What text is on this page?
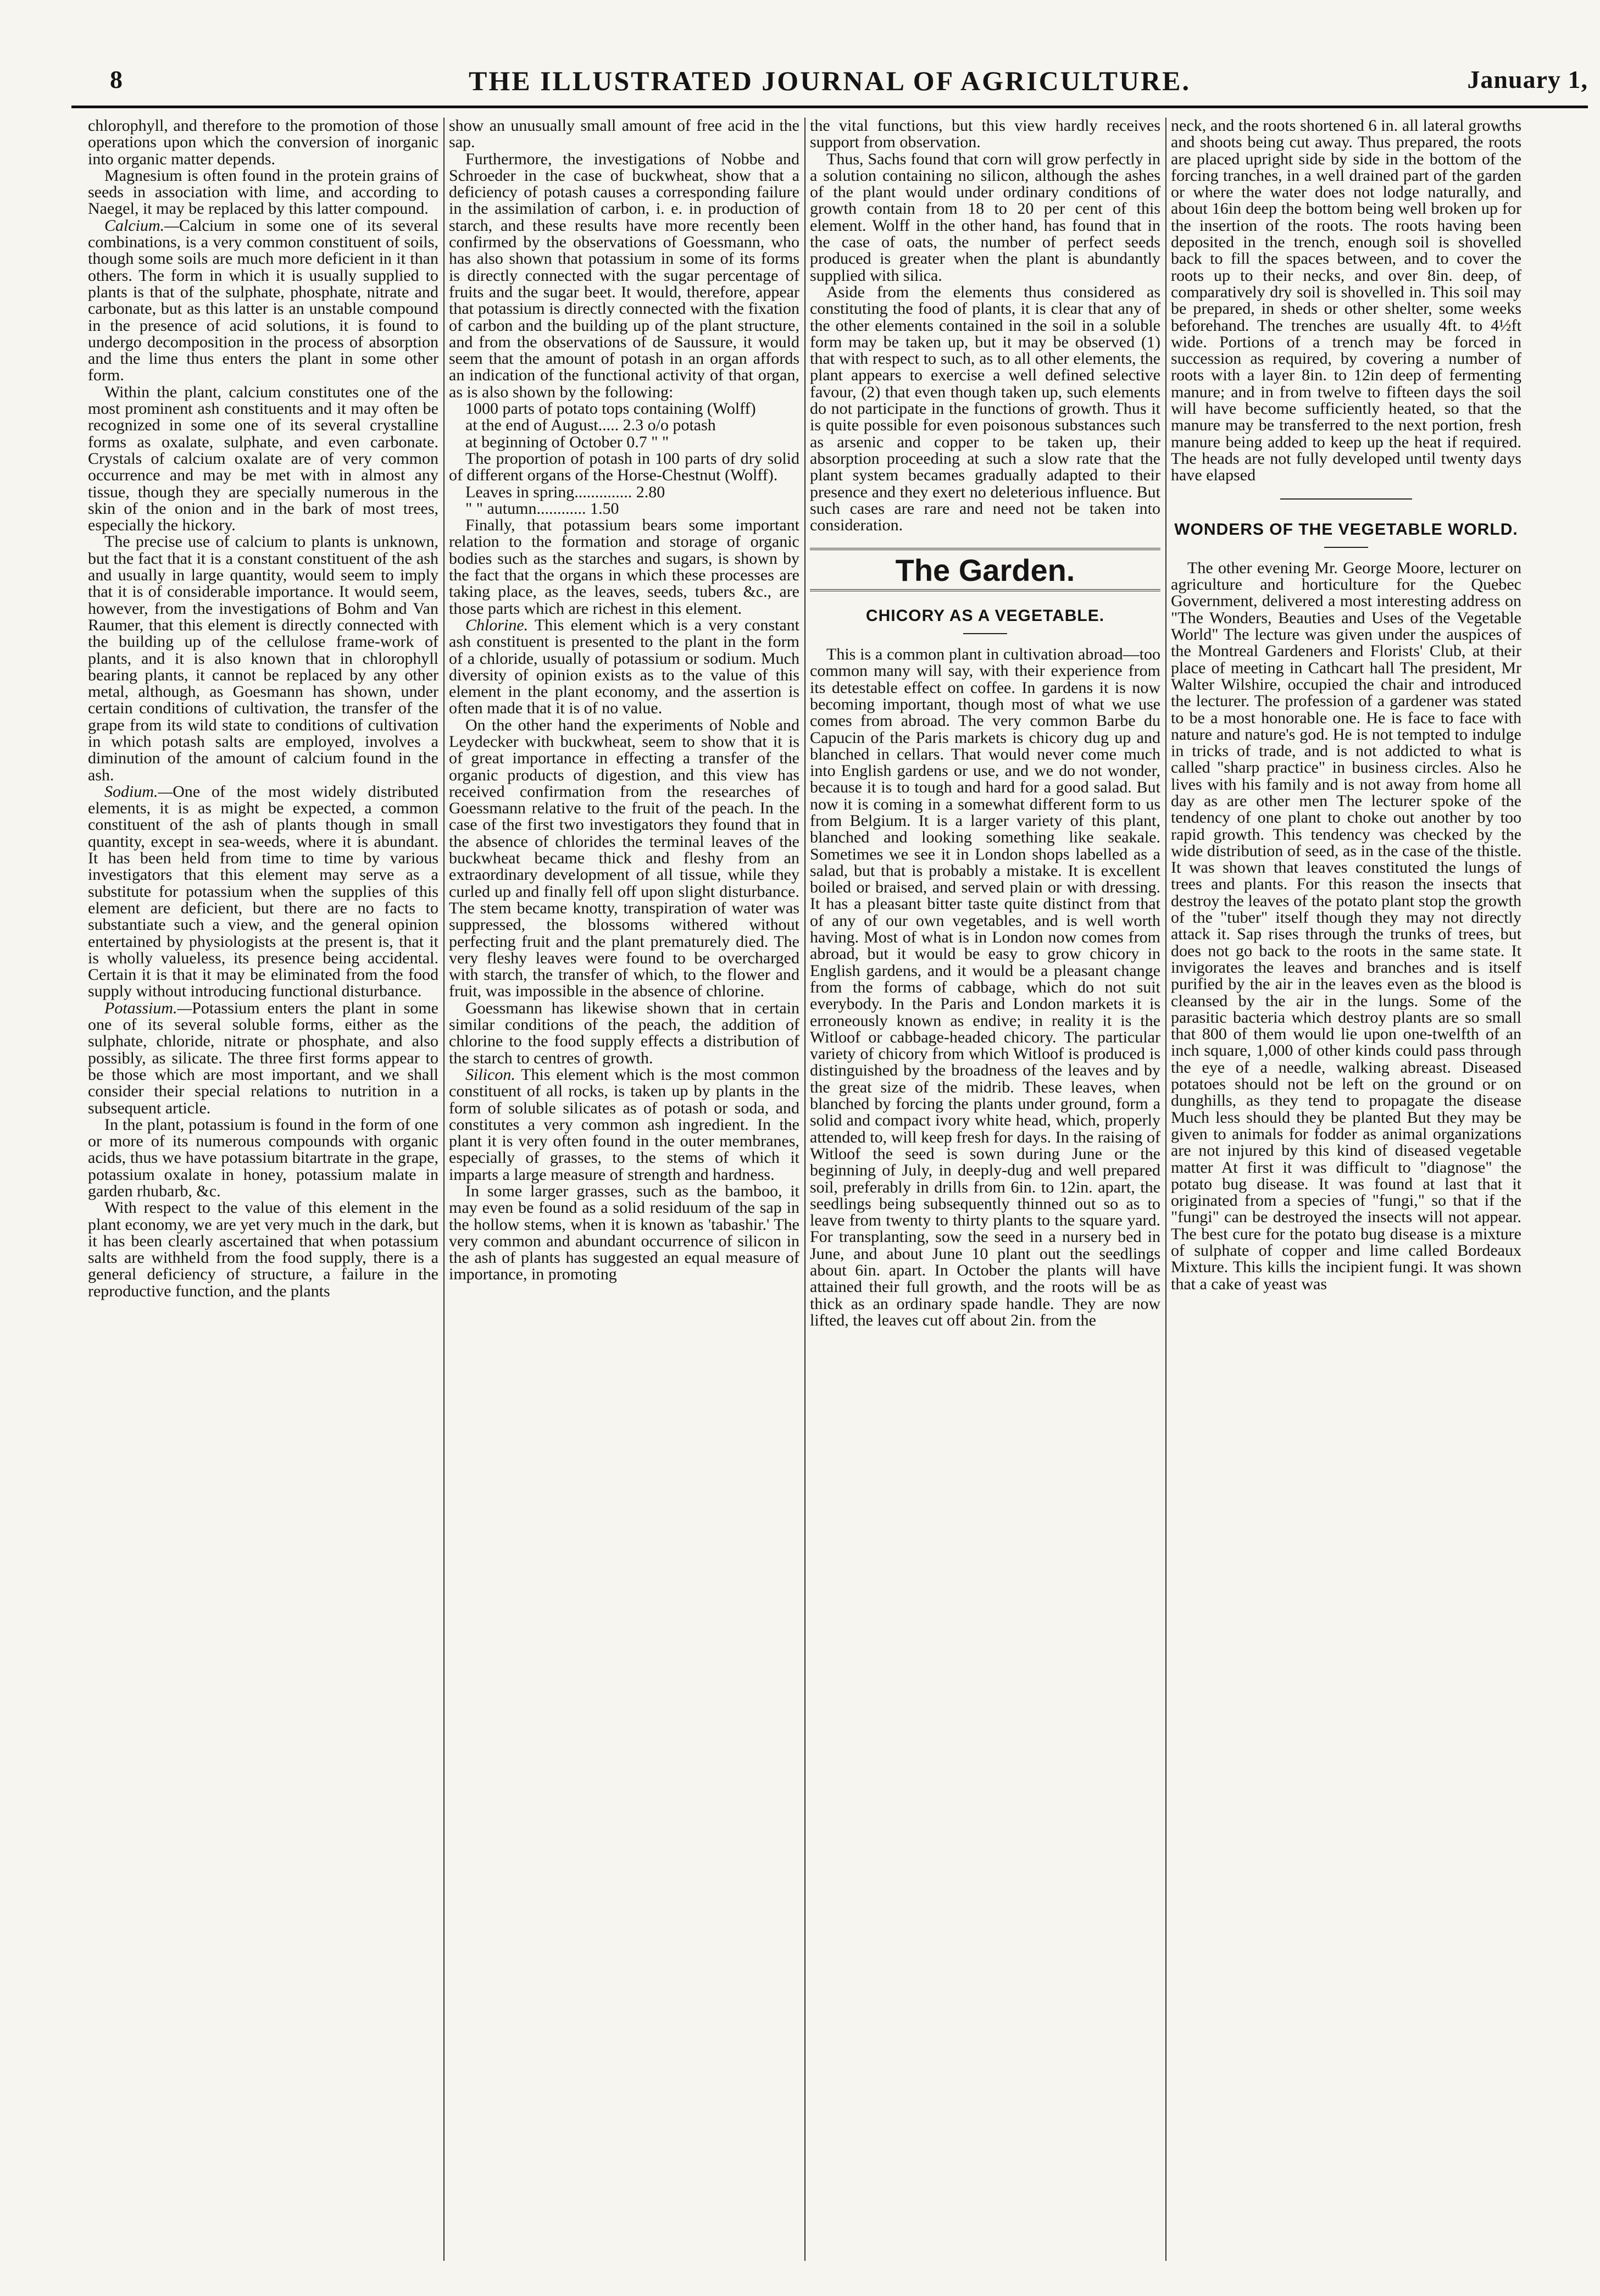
8	THE ILLUSTRATED JOURNAL OF AGRICULTURE.	January 1,

chlorophyll, and therefore to the promotion of those operations upon which the conversion of inorganic into organic matter depends.

Magnesium is often found in the protein grains of seeds in association with lime, and according to Naegel, it may be replaced by this latter compound.

Calcium.—Calcium in some one of its several combinations, is a very common constituent of soils, though some soils are much more deficient in it than others. The form in which it is usually supplied to plants is that of the sulphate, phosphate, nitrate and carbonate, but as this latter is an unstable compound in the presence of acid solutions, it is found to undergo decomposition in the process of absorption and the lime thus enters the plant in some other form.

Within the plant, calcium constitutes one of the most prominent ash constituents and it may often be recognized in some one of its several crystalline forms as oxalate, sulphate, and even carbonate. Crystals of calcium oxalate are of very common occurrence and may be met with in almost any tissue, though they are specially numerous in the skin of the onion and in the bark of most trees, especially the hickory.

The precise use of calcium to plants is unknown, but the fact that it is a constant constituent of the ash and usually in large quantity, would seem to imply that it is of considerable importance. It would seem, however, from the investigations of Bohm and Van Raumer, that this element is directly connected with the building up of the cellulose frame-work of plants, and it is also known that in chlorophyll bearing plants, it cannot be replaced by any other metal, although, as Goesmann has shown, under certain conditions of cultivation, the transfer of the grape from its wild state to conditions of cultivation in which potash salts are employed, involves a diminution of the amount of calcium found in the ash.

Sodium.—One of the most widely distributed elements, it is as might be expected, a common constituent of the ash of plants though in small quantity, except in sea-weeds, where it is abundant. It has been held from time to time by various investigators that this element may serve as a substitute for potassium when the supplies of this element are deficient, but there are no facts to substantiate such a view, and the general opinion entertained by physiologists at the present is, that it is wholly valueless, its presence being accidental. Certain it is that it may be eliminated from the food supply without introducing functional disturbance.

Potassium.—Potassium enters the plant in some one of its several soluble forms, either as the sulphate, chloride, nitrate or phosphate, and also possibly, as silicate. The three first forms appear to be those which are most important, and we shall consider their special relations to nutrition in a subsequent article.

In the plant, potassium is found in the form of one or more of its numerous compounds with organic acids, thus we have potassium bitartrate in the grape, potassium oxalate in honey, potassium malate in garden rhubarb, &c.

With respect to the value of this element in the plant economy, we are yet very much in the dark, but it has been clearly ascertained that when potassium salts are withheld from the food supply, there is a general deficiency of structure, a failure in the reproductive function, and the plants

show an unusually small amount of free acid in the sap.

Furthermore, the investigations of Nobbe and Schroeder in the case of buckwheat, show that a deficiency of potash causes a corresponding failure in the assimilation of carbon, i. e. in production of starch, and these results have more recently been confirmed by the observations of Goessmann, who has also shown that potassium in some of its forms is directly connected with the sugar percentage of fruits and the sugar beet. It would, therefore, appear that potassium is directly connected with the fixation of carbon and the building up of the plant structure, and from the observations of de Saussure, it would seem that the amount of potash in an organ affords an indication of the functional activity of that organ, as is also shown by the following:

1000 parts of potato tops containing (Wolff)

at the end of August..... 2.3 o/o potash

at beginning of October 0.7 " "

The proportion of potash in 100 parts of dry solid of different organs of the Horse-Chestnut (Wolff).

Leaves in spring.............. 2.80

" " autumn............ 1.50

Finally, that potassium bears some important relation to the formation and storage of organic bodies such as the starches and sugars, is shown by the fact that the organs in which these processes are taking place, as the leaves, seeds, tubers &c., are those parts which are richest in this element.

Chlorine. This element which is a very constant ash constituent is presented to the plant in the form of a chloride, usually of potassium or sodium. Much diversity of opinion exists as to the value of this element in the plant economy, and the assertion is often made that it is of no value.

On the other hand the experiments of Noble and Leydecker with buckwheat, seem to show that it is of great importance in effecting a transfer of the organic products of digestion, and this view has received confirmation from the researches of Goessmann relative to the fruit of the peach. In the case of the first two investigators they found that in the absence of chlorides the terminal leaves of the buckwheat became thick and fleshy from an extraordinary development of all tissue, while they curled up and finally fell off upon slight disturbance. The stem became knotty, transpiration of water was suppressed, the blossoms withered without perfecting fruit and the plant prematurely died. The very fleshy leaves were found to be overcharged with starch, the transfer of which, to the flower and fruit, was impossible in the absence of chlorine.

Goessmann has likewise shown that in certain similar conditions of the peach, the addition of chlorine to the food supply effects a distribution of the starch to centres of growth.

Silicon. This element which is the most common constituent of all rocks, is taken up by plants in the form of soluble silicates as of potash or soda, and constitutes a very common ash ingredient. In the plant it is very often found in the outer membranes, especially of grasses, to the stems of which it imparts a large measure of strength and hardness.

In some larger grasses, such as the bamboo, it may even be found as a solid residuum of the sap in the hollow stems, when it is known as 'tabashir.' The very common and abundant occurrence of silicon in the ash of plants has suggested an equal measure of importance, in promoting

the vital functions, but this view hardly receives support from observation.

Thus, Sachs found that corn will grow perfectly in a solution containing no silicon, although the ashes of the plant would under ordinary conditions of growth contain from 18 to 20 per cent of this element. Wolff in the other hand, has found that in the case of oats, the number of perfect seeds produced is greater when the plant is abundantly supplied with silica.

Aside from the elements thus considered as constituting the food of plants, it is clear that any of the other elements contained in the soil in a soluble form may be taken up, but it may be observed (1) that with respect to such, as to all other elements, the plant appears to exercise a well defined selective favour, (2) that even though taken up, such elements do not participate in the functions of growth. Thus it is quite possible for even poisonous substances such as arsenic and copper to be taken up, their absorption proceeding at such a slow rate that the plant system becames gradually adapted to their presence and they exert no deleterious influence. But such cases are rare and need not be taken into consideration.

The Garden.
CHICORY AS A VEGETABLE.

This is a common plant in cultivation abroad—too common many will say, with their experience from its detestable effect on coffee. In gardens it is now becoming important, though most of what we use comes from abroad. The very common Barbe du Capucin of the Paris markets is chicory dug up and blanched in cellars. That would never come much into English gardens or use, and we do not wonder, because it is to tough and hard for a good salad. But now it is coming in a somewhat different form to us from Belgium. It is a larger variety of this plant, blanched and looking something like seakale. Sometimes we see it in London shops labelled as a salad, but that is probably a mistake. It is excellent boiled or braised, and served plain or with dressing. It has a pleasant bitter taste quite distinct from that of any of our own vegetables, and is well worth having. Most of what is in London now comes from abroad, but it would be easy to grow chicory in English gardens, and it would be a pleasant change from the forms of cabbage, which do not suit everybody. In the Paris and London markets it is erroneously known as endive; in reality it is the Witloof or cabbage-headed chicory. The particular variety of chicory from which Witloof is produced is distinguished by the broadness of the leaves and by the great size of the midrib. These leaves, when blanched by forcing the plants under ground, form a solid and compact ivory white head, which, properly attended to, will keep fresh for days. In the raising of Witloof the seed is sown during June or the beginning of July, in deeply-dug and well prepared soil, preferably in drills from 6in. to 12in. apart, the seedlings being subsequently thinned out so as to leave from twenty to thirty plants to the square yard. For transplanting, sow the seed in a nursery bed in June, and about June 10 plant out the seedlings about 6in. apart. In October the plants will have attained their full growth, and the roots will be as thick as an ordinary spade handle. They are now lifted, the leaves cut off about 2in. from the

neck, and the roots shortened 6 in. all lateral growths and shoots being cut away. Thus prepared, the roots are placed upright side by side in the bottom of the forcing tranches, in a well drained part of the garden or where the water does not lodge naturally, and about 16in deep the bottom being well broken up for the insertion of the roots. The roots having been deposited in the trench, enough soil is shovelled back to fill the spaces between, and to cover the roots up to their necks, and over 8in. deep, of comparatively dry soil is shovelled in. This soil may be prepared, in sheds or other shelter, some weeks beforehand. The trenches are usually 4ft. to 4½ft wide. Portions of a trench may be forced in succession as required, by covering a number of roots with a layer 8in. to 12in deep of fermenting manure; and in from twelve to fifteen days the soil will have become sufficiently heated, so that the manure may be transferred to the next portion, fresh manure being added to keep up the heat if required. The heads are not fully developed until twenty days have elapsed

WONDERS OF THE VEGETABLE WORLD.

The other evening Mr. George Moore, lecturer on agriculture and horticulture for the Quebec Government, delivered a most interesting address on "The Wonders, Beauties and Uses of the Vegetable World" The lecture was given under the auspices of the Montreal Gardeners and Florists' Club, at their place of meeting in Cathcart hall The president, Mr Walter Wilshire, occupied the chair and introduced the lecturer. The profession of a gardener was stated to be a most honorable one. He is face to face with nature and nature's god. He is not tempted to indulge in tricks of trade, and is not addicted to what is called "sharp practice" in business circles. Also he lives with his family and is not away from home all day as are other men The lecturer spoke of the tendency of one plant to choke out another by too rapid growth. This tendency was checked by the wide distribution of seed, as in the case of the thistle. It was shown that leaves constituted the lungs of trees and plants. For this reason the insects that destroy the leaves of the potato plant stop the growth of the "tuber" itself though they may not directly attack it. Sap rises through the trunks of trees, but does not go back to the roots in the same state. It invigorates the leaves and branches and is itself purified by the air in the leaves even as the blood is cleansed by the air in the lungs. Some of the parasitic bacteria which destroy plants are so small that 800 of them would lie upon one-twelfth of an inch square, 1,000 of other kinds could pass through the eye of a needle, walking abreast. Diseased potatoes should not be left on the ground or on dunghills, as they tend to propagate the disease Much less should they be planted But they may be given to animals for fodder as animal organizations are not injured by this kind of diseased vegetable matter At first it was difficult to "diagnose" the potato bug disease. It was found at last that it originated from a species of "fungi," so that if the "fungi" can be destroyed the insects will not appear. The best cure for the potato bug disease is a mixture of sulphate of copper and lime called Bordeaux Mixture. This kills the incipient fungi. It was shown that a cake of yeast was
